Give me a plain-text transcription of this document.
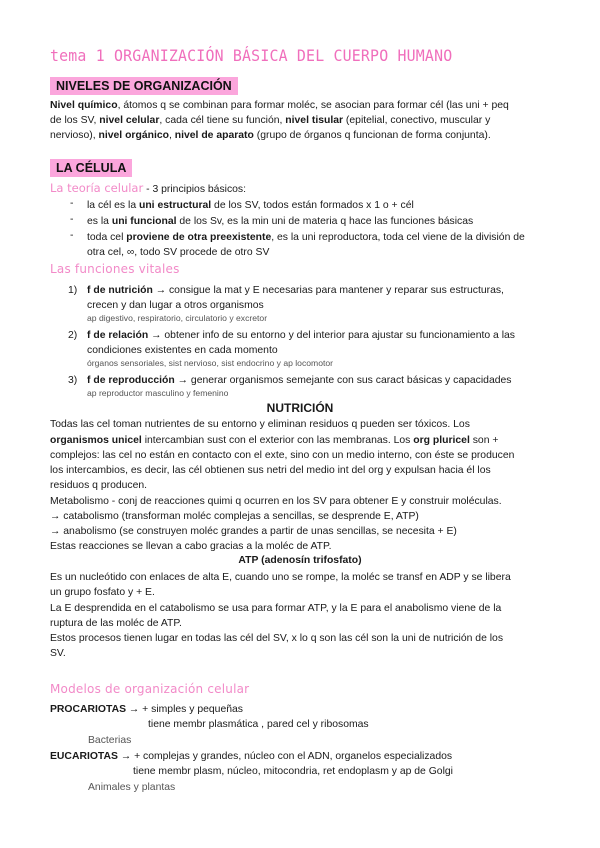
tema 1 ORGANIZACIÓN BÁSICA DEL CUERPO HUMANO
NIVELES DE ORGANIZACIÓN
Nivel químico, átomos q se combinan para formar moléc, se asocian para formar cél (las uni + peq
de los SV, nivel celular, cada cél tiene su función, nivel tisular (epitelial, conectivo, muscular y
nervioso), nivel orgánico, nivel de aparato (grupo de órganos q funcionan de forma conjunta).
LA CÉLULA
La teoría celular - 3 principios básicos:
- la cél es la uni estructural de los SV, todos están formados x 1 o + cél
- es la uni funcional de los Sv, es la min uni de materia q hace las funciones básicas
- toda cel proviene de otra preexistente, es la uni reproductora, toda cel viene de la división de
otra cel, ∞, todo SV procede de otro SV
Las funciones vitales
1) f de nutrición → consigue la mat y E necesarias para mantener y reparar sus estructuras,
crecen y dan lugar a otros organismos
ap digestivo, respiratorio, circulatorio y excretor
2) f de relación → obtener info de su entorno y del interior para ajustar su funcionamiento a las
condiciones existentes en cada momento
órganos sensoriales, sist nervioso, sist endocrino y ap locomotor
3) f de reproducción → generar organismos semejante con sus caract básicas y capacidades
ap reproductor masculino y femenino
NUTRICIÓN
Todas las cel toman nutrientes de su entorno y eliminan residuos q pueden ser tóxicos. Los
organismos unicel intercambian sust con el exterior con las membranas. Los org pluricel son +
complejos: las cel no están en contacto con el exte, sino con un medio interno, con éste se producen
los intercambios, es decir, las cél obtienen sus netri del medio int del org y expulsan hacia él los
residuos q producen.
Metabolismo - conj de reacciones quimi q ocurren en los SV para obtener E y construir moléculas.
→ catabolismo (transforman moléc complejas a sencillas, se desprende E, ATP)
→ anabolismo (se construyen moléc grandes a partir de unas sencillas, se necesita + E)
Estas reacciones se llevan a cabo gracias a la moléc de ATP.
ATP (adenosín trifosfato)
Es un nucleótido con enlaces de alta E, cuando uno se rompe, la moléc se transf en ADP y se libera
un grupo fosfato y + E.
La E desprendida en el catabolismo se usa para formar ATP, y la E para el anabolismo viene de la
ruptura de las moléc de ATP.
Estos procesos tienen lugar en todas las cél del SV, x lo q son las cél son la uni de nutrición de los
SV.
Modelos de organización celular
PROCARIOTAS → + simples y pequeñas
tiene membr plasmática , pared cel y ribosomas
Bacterias
EUCARIOTAS → + complejas y grandes, núcleo con el ADN, organelos especializados
tiene membr plasm, núcleo, mitocondria, ret endoplasm y ap de Golgi
Animales y plantas
